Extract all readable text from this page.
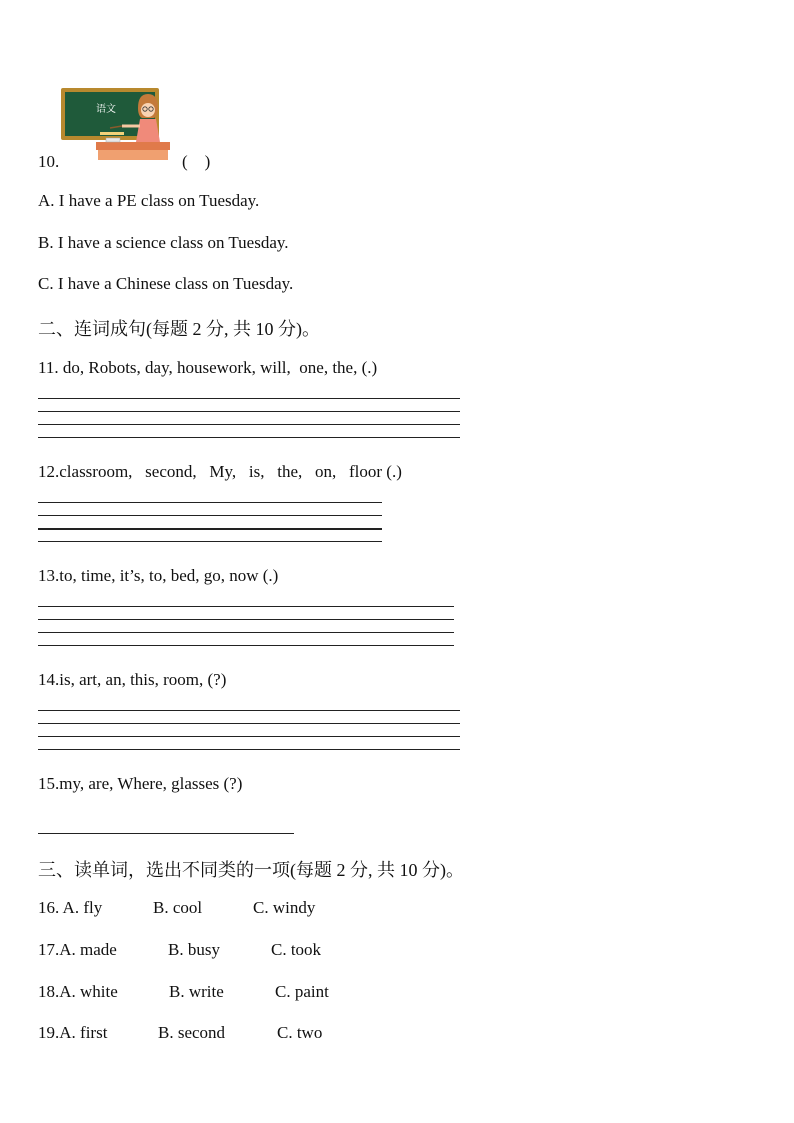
语文
10.	(    )
A. I have a PE class on Tuesday.
B. I have a science class on Tuesday.
C. I have a Chinese class on Tuesday.
二、连词成句(每题 2 分, 共 10 分)。
11. do, Robots, day, housework, will,  one, the, (.)
12.classroom,   second,   My,   is,   the,   on,   floor (.)
13.to, time, it’s, to, bed, go, now (.)
14.is, art, an, this, room, (?)
15.my, are, Where, glasses (?)
三、读单词，选出不同类的一项(每题 2 分, 共 10 分)。
16. A. fly	B. cool	C. windy
17.A. made	B. busy	C. took
18.A. white	B. write	C. paint
19.A. first	B. second	C. two
